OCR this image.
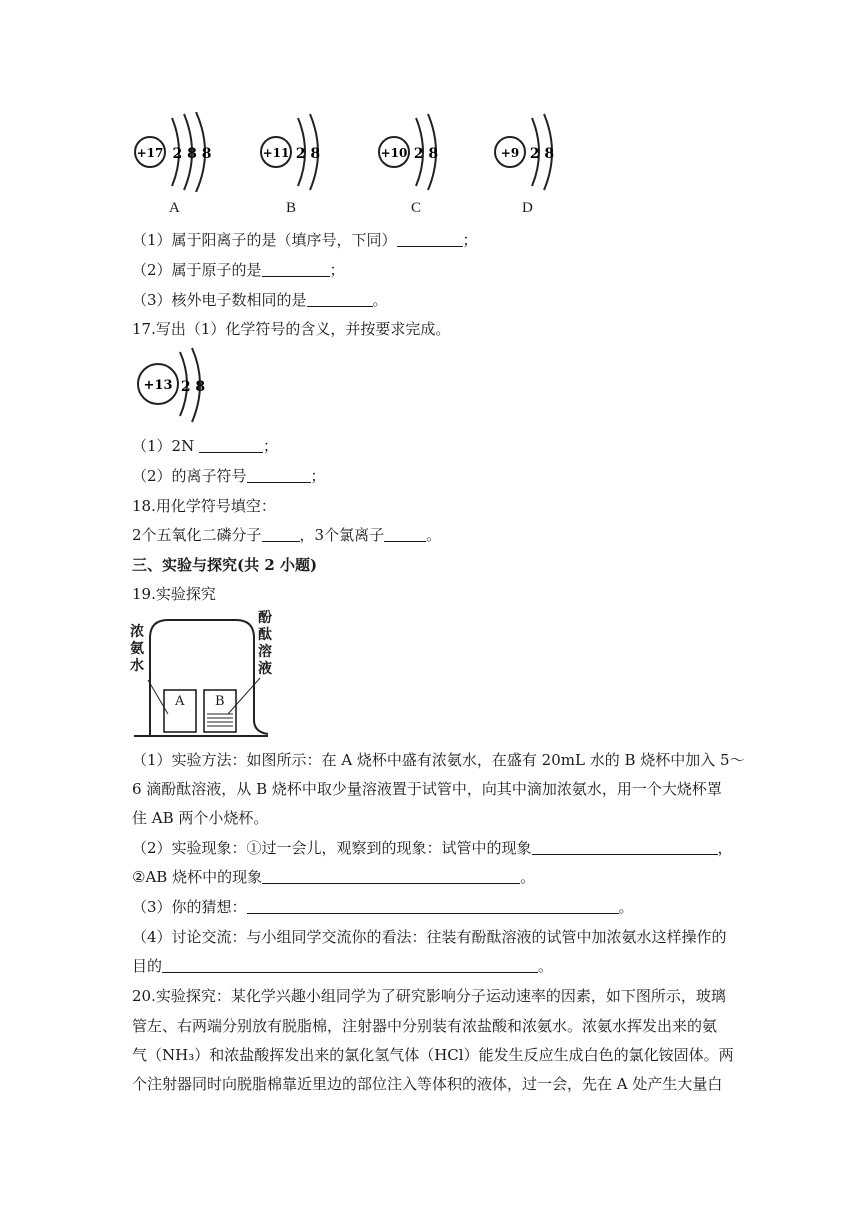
+17 2 8 8
A
+11 2 8
B
+10 2 8
C
+9 2 8
D
（1）属于阳离子的是（填序号，下同）	；
（2）属于原子的是	；
（3）核外电子数相同的是	。
17.写出（1）化学符号的含义，并按要求完成。
+13 2 8
（1）2N	；
（2）的离子符号	；
18.用化学符号填空：
2个五氧化二磷分子	，3个氯离子	。
三、实验与探究(共 2 小题)
19.实验探究
A B
浓氨水
酚酞溶液
（1）实验方法：如图所示：在 A 烧杯中盛有浓氨水，在盛有 20mL 水的 B 烧杯中加入 5～
6 滴酚酞溶液，从 B 烧杯中取少量溶液置于试管中，向其中滴加浓氨水，用一个大烧杯罩
住 AB 两个小烧杯。
（2）实验现象：①过一会儿，观察到的现象：试管中的现象	，
②AB 烧杯中的现象	。
（3）你的猜想：	。
（4）讨论交流：与小组同学交流你的看法：往装有酚酞溶液的试管中加浓氨水这样操作的
目的	。
20.实验探究：某化学兴趣小组同学为了研究影响分子运动速率的因素，如下图所示，玻璃
管左、右两端分别放有脱脂棉，注射器中分别装有浓盐酸和浓氨水。浓氨水挥发出来的氨
气（NH₃）和浓盐酸挥发出来的氯化氢气体（HCl）能发生反应生成白色的氯化铵固体。两
个注射器同时向脱脂棉靠近里边的部位注入等体积的液体，过一会，先在 A 处产生大量白
